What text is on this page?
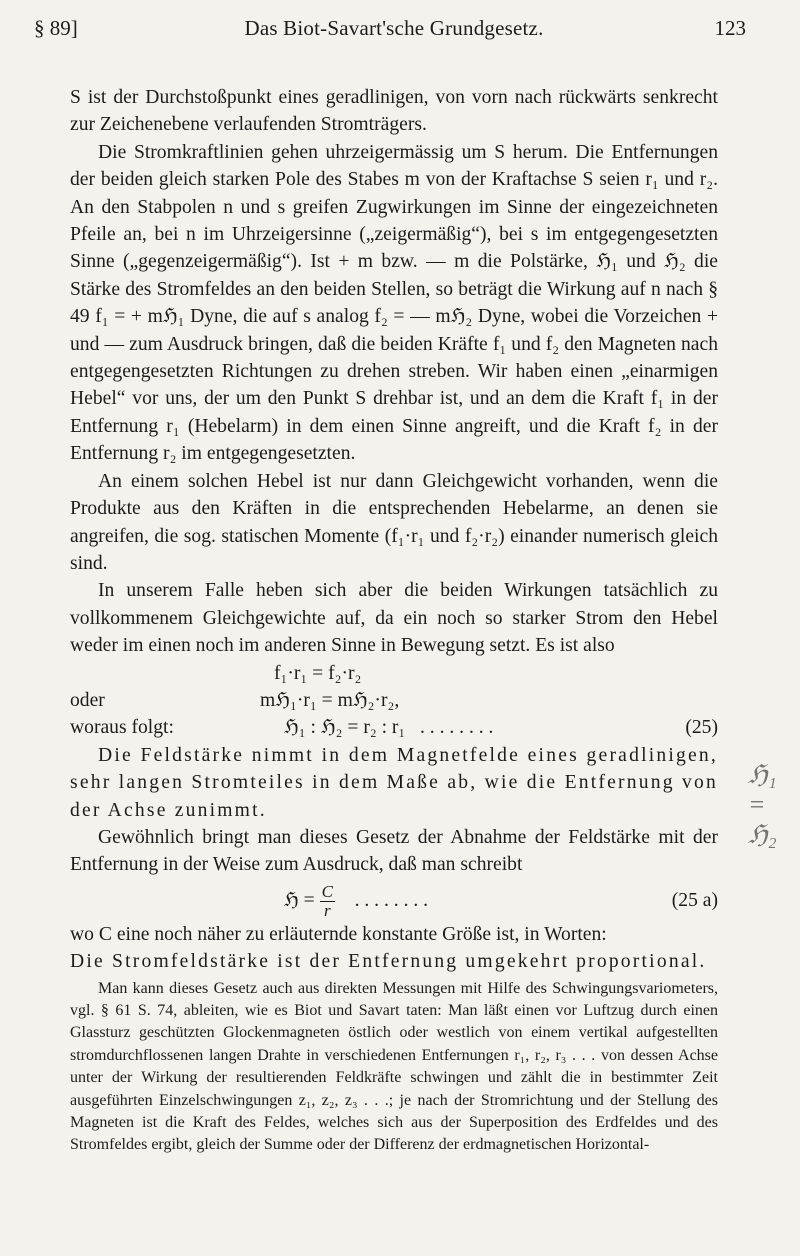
§ 89]	Das Biot-Savart'sche Grundgesetz.	123

S ist der Durchstoßpunkt eines geradlinigen, von vorn nach rückwärts senkrecht zur Zeichenebene verlaufenden Stromträgers.

Die Stromkraftlinien gehen uhrzeigermässig um S herum. Die Entfernungen der beiden gleich starken Pole des Stabes m von der Kraftachse S seien r₁ und r₂. An den Stabpolen n und s greifen Zugwirkungen im Sinne der eingezeichneten Pfeile an, bei n im Uhrzeigersinne („zeigermäßig“), bei s im entgegengesetzten Sinne („gegenzeigermäßig“). Ist + m bzw. — m die Polstärke, ℌ₁ und ℌ₂ die Stärke des Stromfeldes an den beiden Stellen, so beträgt die Wirkung auf n nach § 49 f₁ = + mℌ₁ Dyne, die auf s analog f₂ = — mℌ₂ Dyne, wobei die Vorzeichen + und — zum Ausdruck bringen, daß die beiden Kräfte f₁ und f₂ den Magneten nach entgegengesetzten Richtungen zu drehen streben. Wir haben einen „einarmigen Hebel“ vor uns, der um den Punkt S drehbar ist, und an dem die Kraft f₁ in der Entfernung r₁ (Hebelarm) in dem einen Sinne angreift, und die Kraft f₂ in der Entfernung r₂ im entgegengesetzten.

An einem solchen Hebel ist nur dann Gleichgewicht vorhanden, wenn die Produkte aus den Kräften in die entsprechenden Hebelarme, an denen sie angreifen, die sog. statischen Momente (f₁·r₁ und f₂·r₂) einander numerisch gleich sind.

In unserem Falle heben sich aber die beiden Wirkungen tatsächlich zu vollkommenem Gleichgewichte auf, da ein noch so starker Strom den Hebel weder im einen noch im anderen Sinne in Bewegung setzt. Es ist also

f₁·r₁ = f₂·r₂
oder	mℌ₁·r₁ = mℌ₂·r₂,
woraus folgt:	ℌ₁ : ℌ₂ = r₂ : r₁ . . . . . . . .	(25)

Die Feldstärke nimmt in dem Magnetfelde eines geradlinigen, sehr langen Stromteiles in dem Maße ab, wie die Entfernung von der Achse zunimmt.

Gewöhnlich bringt man dieses Gesetz der Abnahme der Feldstärke mit der Entfernung in der Weise zum Ausdruck, daß man schreibt

ℌ = $\frac{C}{r}$ . . . . . . . .	(25 a)

wo C eine noch näher zu erläuternde konstante Größe ist, in Worten:

Die Stromfeldstärke ist der Entfernung umgekehrt proportional.

Man kann dieses Gesetz auch aus direkten Messungen mit Hilfe des Schwingungsvariometers, vgl. § 61 S. 74, ableiten, wie es Biot und Savart taten: Man läßt einen vor Luftzug durch einen Glassturz geschützten Glockenmagneten östlich oder westlich von einem vertikal aufgestellten stromdurchflossenen langen Drahte in verschiedenen Entfernungen r₁, r₂, r₃ . . . von dessen Achse unter der Wirkung der resultierenden Feldkräfte schwingen und zählt die in bestimmter Zeit ausgeführten Einzelschwingungen z₁, z₂, z₃ . . .; je nach der Stromrichtung und der Stellung des Magneten ist die Kraft des Feldes, welches sich aus der Superposition des Erdfeldes und des Stromfeldes ergibt, gleich der Summe oder der Differenz der erdmagnetischen Horizontal-

ℌ₁ = ℌ₂
